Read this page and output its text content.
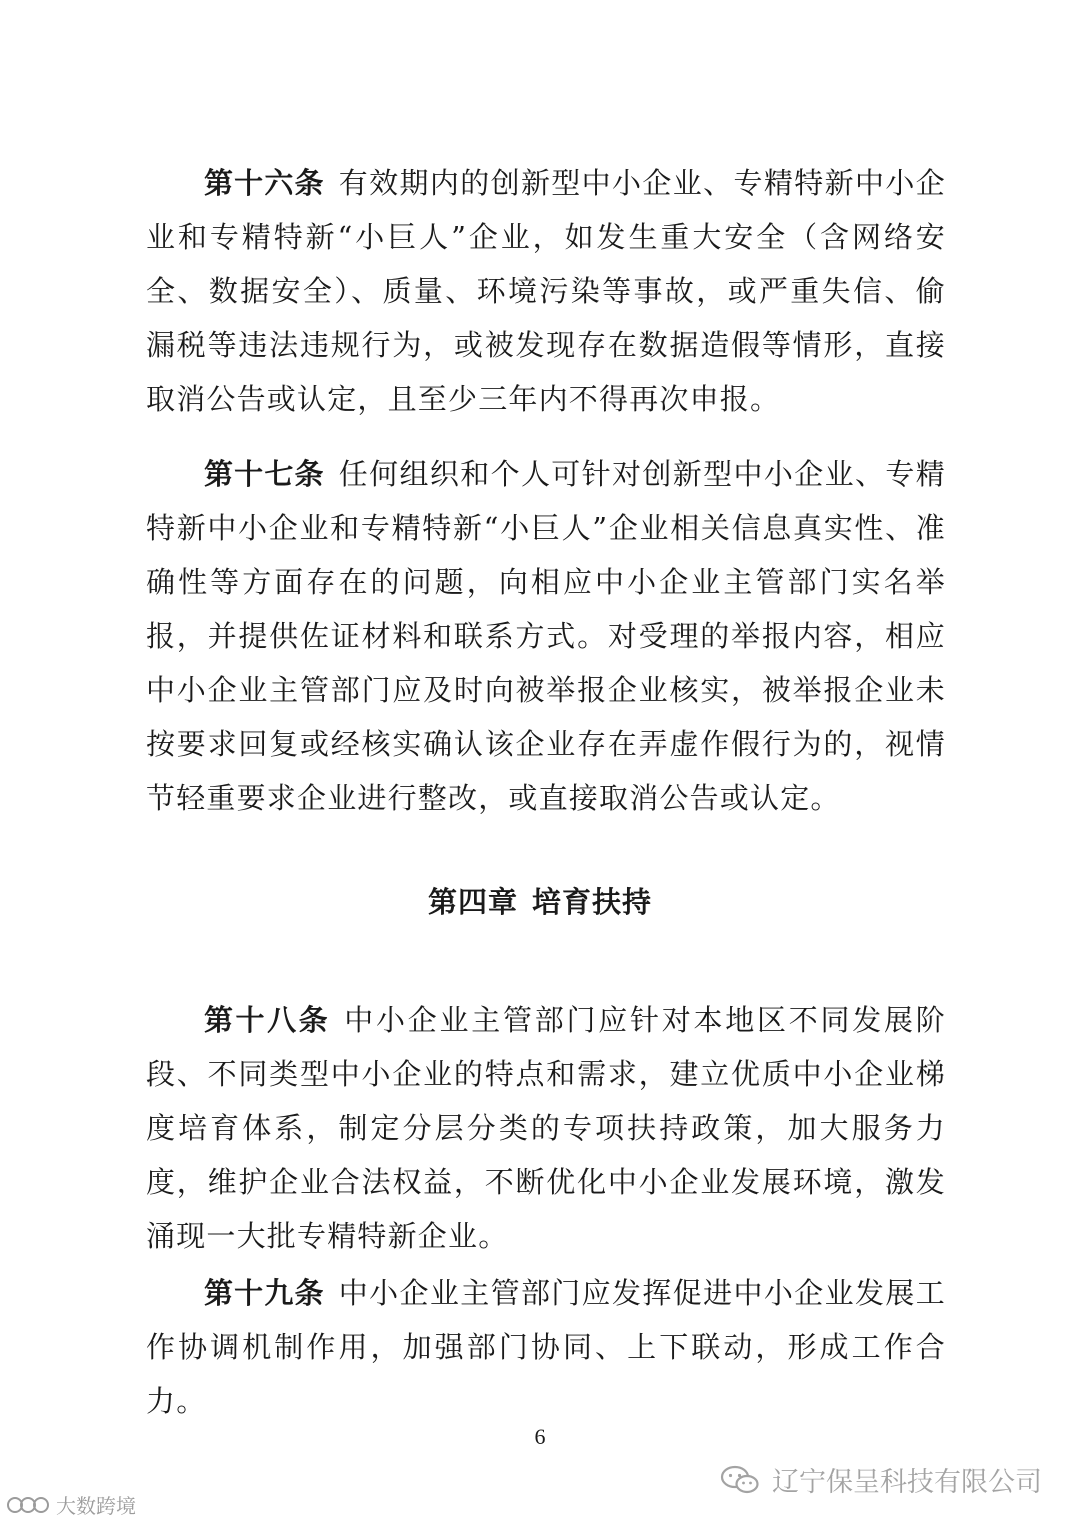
第十六条 有效期内的创新型中小企业、专精特新中小企业和专精特新“小巨人”企业，如发生重大安全（含网络安全、数据安全）、质量、环境污染等事故，或严重失信、偷漏税等违法违规行为，或被发现存在数据造假等情形，直接取消公告或认定，且至少三年内不得再次申报。

第十七条 任何组织和个人可针对创新型中小企业、专精特新中小企业和专精特新“小巨人”企业相关信息真实性、准确性等方面存在的问题，向相应中小企业主管部门实名举报，并提供佐证材料和联系方式。对受理的举报内容，相应中小企业主管部门应及时向被举报企业核实，被举报企业未按要求回复或经核实确认该企业存在弄虚作假行为的，视情节轻重要求企业进行整改，或直接取消公告或认定。

第四章 培育扶持

第十八条 中小企业主管部门应针对本地区不同发展阶段、不同类型中小企业的特点和需求，建立优质中小企业梯度培育体系，制定分层分类的专项扶持政策，加大服务力度，维护企业合法权益，不断优化中小企业发展环境，激发涌现一大批专精特新企业。

第十九条 中小企业主管部门应发挥促进中小企业发展工作协调机制作用，加强部门协同、上下联动，形成工作合力。

6
辽宁保呈科技有限公司
大数跨境
